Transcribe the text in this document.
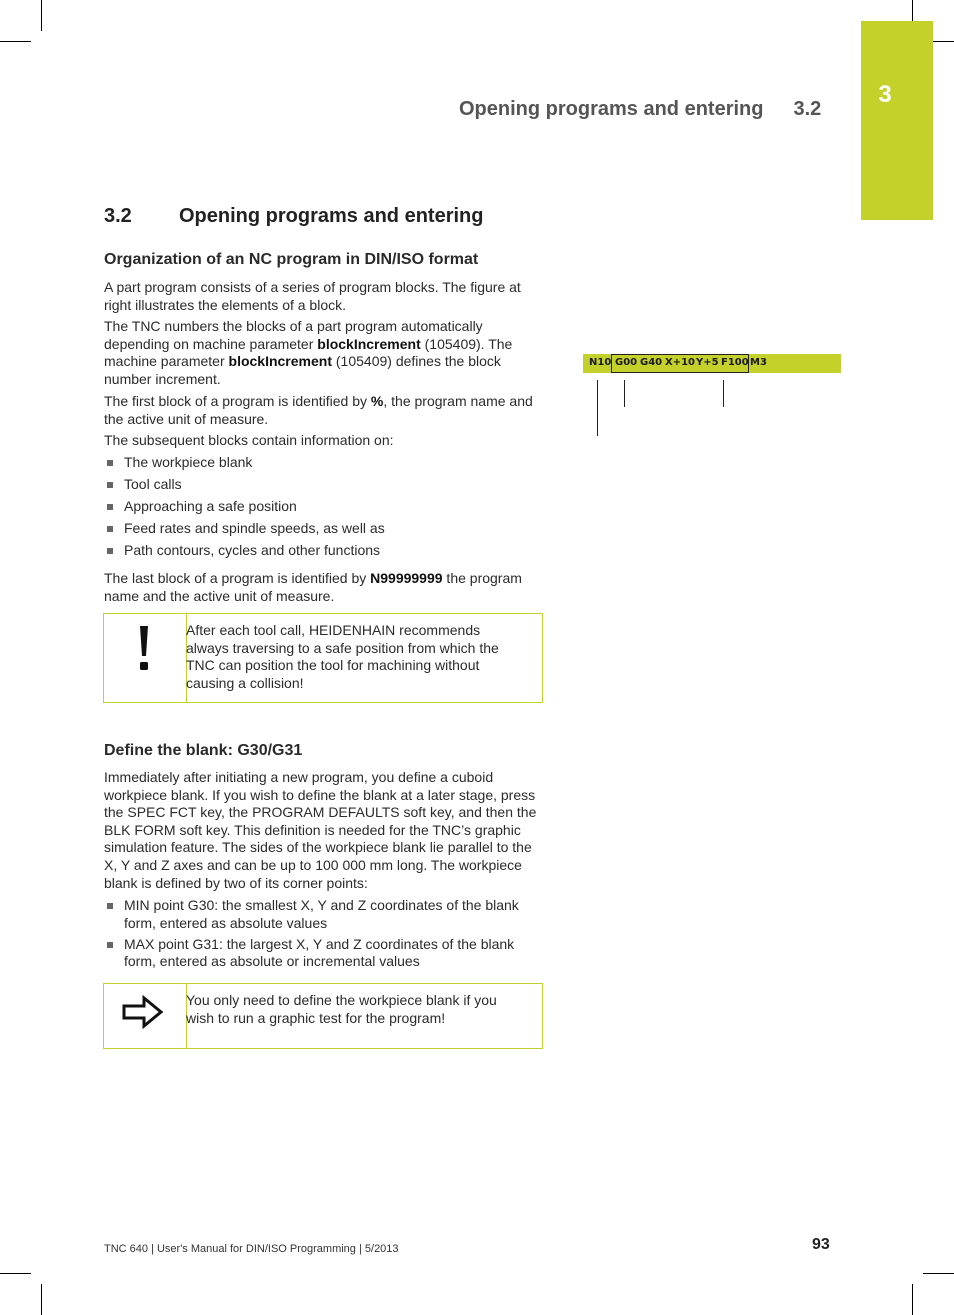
3
Opening programs and entering 3.2
3.2 Opening programs and entering
Organization of an NC program in DIN/ISO format

A part program consists of a series of program blocks. The figure at right illustrates the elements of a block.

The TNC numbers the blocks of a part program automatically depending on machine parameter blockIncrement (105409). The machine parameter blockIncrement (105409) defines the block number increment.

The first block of a program is identified by %, the program name and the active unit of measure.

The subsequent blocks contain information on:

The workpiece blank
Tool calls
Approaching a safe position
Feed rates and spindle speeds, as well as
Path contours, cycles and other functions

The last block of a program is identified by N99999999 the program name and the active unit of measure.

After each tool call, HEIDENHAIN recommends always traversing to a safe position from which the TNC can position the tool for machining without causing a collision!
Define the blank: G30/G31

Immediately after initiating a new program, you define a cuboid workpiece blank. If you wish to define the blank at a later stage, press the SPEC FCT key, the PROGRAM DEFAULTS soft key, and then the BLK FORM soft key. This definition is needed for the TNC’s graphic simulation feature. The sides of the workpiece blank lie parallel to the X, Y and Z axes and can be up to 100 000 mm long. The workpiece blank is defined by two of its corner points:

MIN point G30: the smallest X, Y and Z coordinates of the blank form, entered as absolute values
MAX point G31: the largest X, Y and Z coordinates of the blank form, entered as absolute or incremental values
You only need to define the workpiece blank if you wish to run a graphic test for the program!
N10 G00 G40 X+10 Y+5 F100 M3
TNC 640 | User's Manual for DIN/ISO Programming | 5/2013	93
